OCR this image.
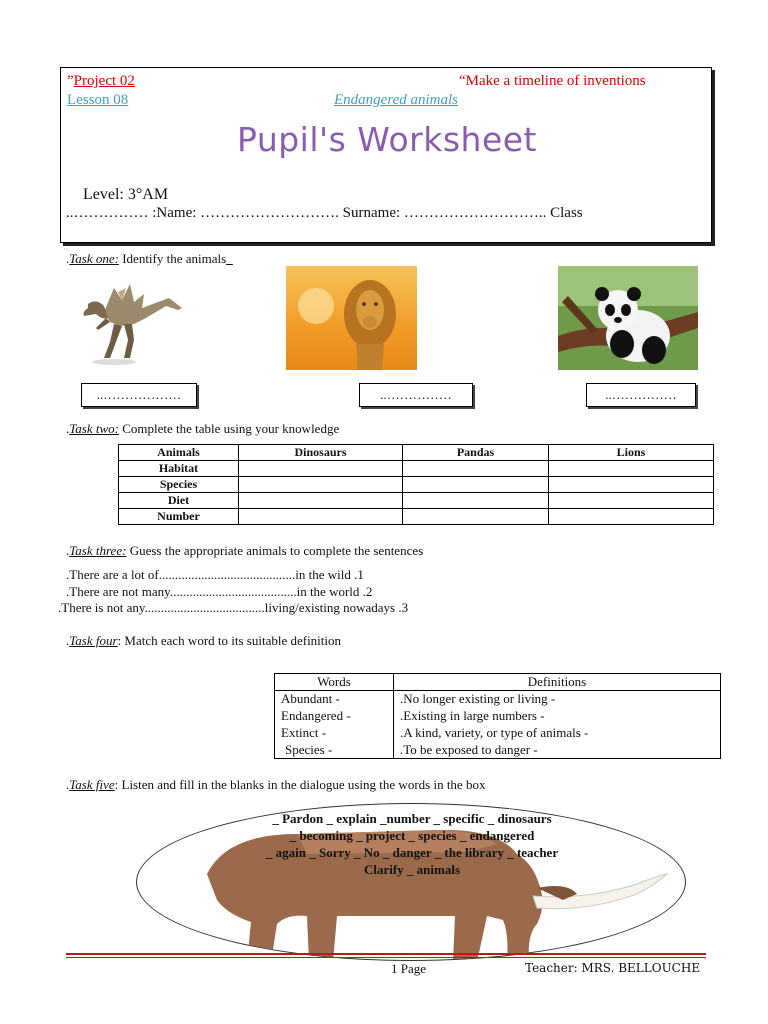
”Project 02	“Make a timeline of inventions
Lesson 08	Endangered animals
Pupil's Worksheet
Level: 3°AM
..…………… :Name: ………………………. Surname: ……………………….. Class
.Task one: Identify the animals_
..………………	..……………	..……………
.Task two: Complete the table using your knowledge
Animals	Dinosaurs	Pandas	Lions
Habitat			
Species			
Diet			
Number			
.Task three: Guess the appropriate animals to complete the sentences
.There are a lot of..........................................in the wild .1
.There are not many.......................................in the world .2
.There is not any.....................................living/existing nowadays .3
.Task four: Match each word to its suitable definition
Words	Definitions
Abundant -	.No longer existing or living -
Endangered -	.Existing in large numbers -
Extinct -	.A kind, variety, or type of animals -
Species -	.To be exposed to danger -
.Task five: Listen and fill in the blanks in the dialogue using the words in the box
_ Pardon _ explain _number _ specific _ dinosaurs
_ becoming _ project _ species _ endangered
_ again _ Sorry _ No _ danger _ the library _ teacher
Clarify _ animals
1 Page	Teacher: MRS. BELLOUCHE
